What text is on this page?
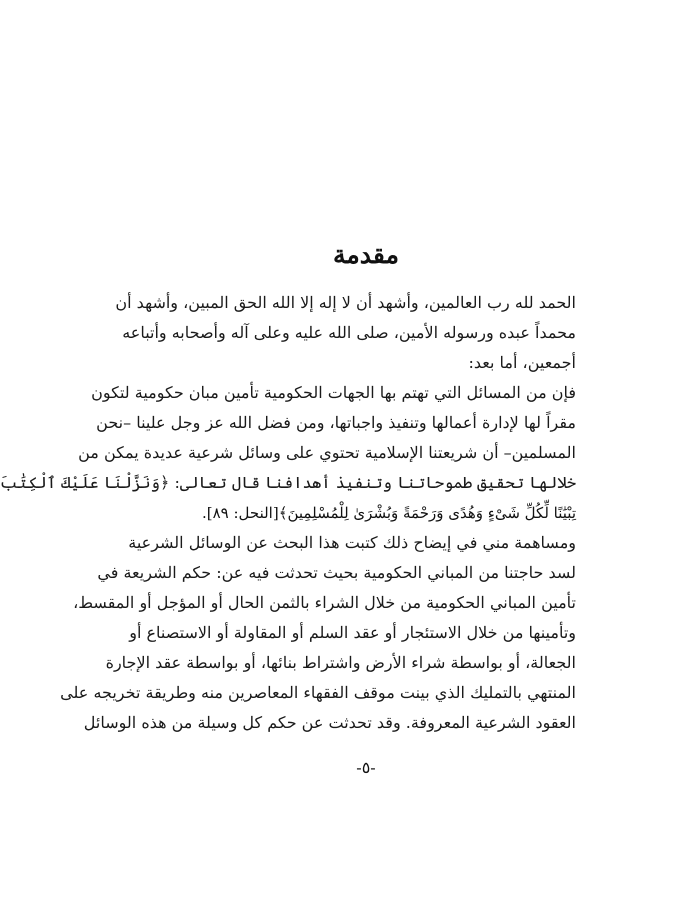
مقدمة
الحمد لله رب العالمين، وأشهد أن لا إله إلا الله الحق المبين، وأشهد أن
محمداً عبده ورسوله الأمين، صلى الله عليه وعلى آله وأصحابه وأتباعه
أجمعين، أما بعد:
فإن من المسائل التي تهتم بها الجهات الحكومية تأمين مبان حكومية لتكون
مقراً لها لإدارة أعمالها وتنفيذ واجباتها، ومن فضل الله عز وجل علينا –نحن
المسلمين– أن شريعتنا الإسلامية تحتوي على وسائل شرعية عديدة يمكن من
خلالها تحقيق طموحاتنا وتنفيذ أهدافنا قال تعالى: ﴿وَنَزَّلْنَا عَلَيْكَ ٱلْكِتَٰبَ
تِبْيَٰنًا لِّكُلِّ شَىْءٍ وَهُدًى وَرَحْمَةً وَبُشْرَىٰ لِلْمُسْلِمِينَ﴾[النحل: ٨٩].
ومساهمة مني في إيضاح ذلك كتبت هذا البحث عن الوسائل الشرعية
لسد حاجتنا من المباني الحكومية بحيث تحدثت فيه عن: حكم الشريعة في
تأمين المباني الحكومية من خلال الشراء بالثمن الحال أو المؤجل أو المقسط،
وتأمينها من خلال الاستئجار أو عقد السلم أو المقاولة أو الاستصناع أو
الجعالة، أو بواسطة شراء الأرض واشتراط بنائها، أو بواسطة عقد الإجارة
المنتهي بالتمليك الذي بينت موقف الفقهاء المعاصرين منه وطريقة تخريجه على
العقود الشرعية المعروفة. وقد تحدثت عن حكم كل وسيلة من هذه الوسائل
-٥-
